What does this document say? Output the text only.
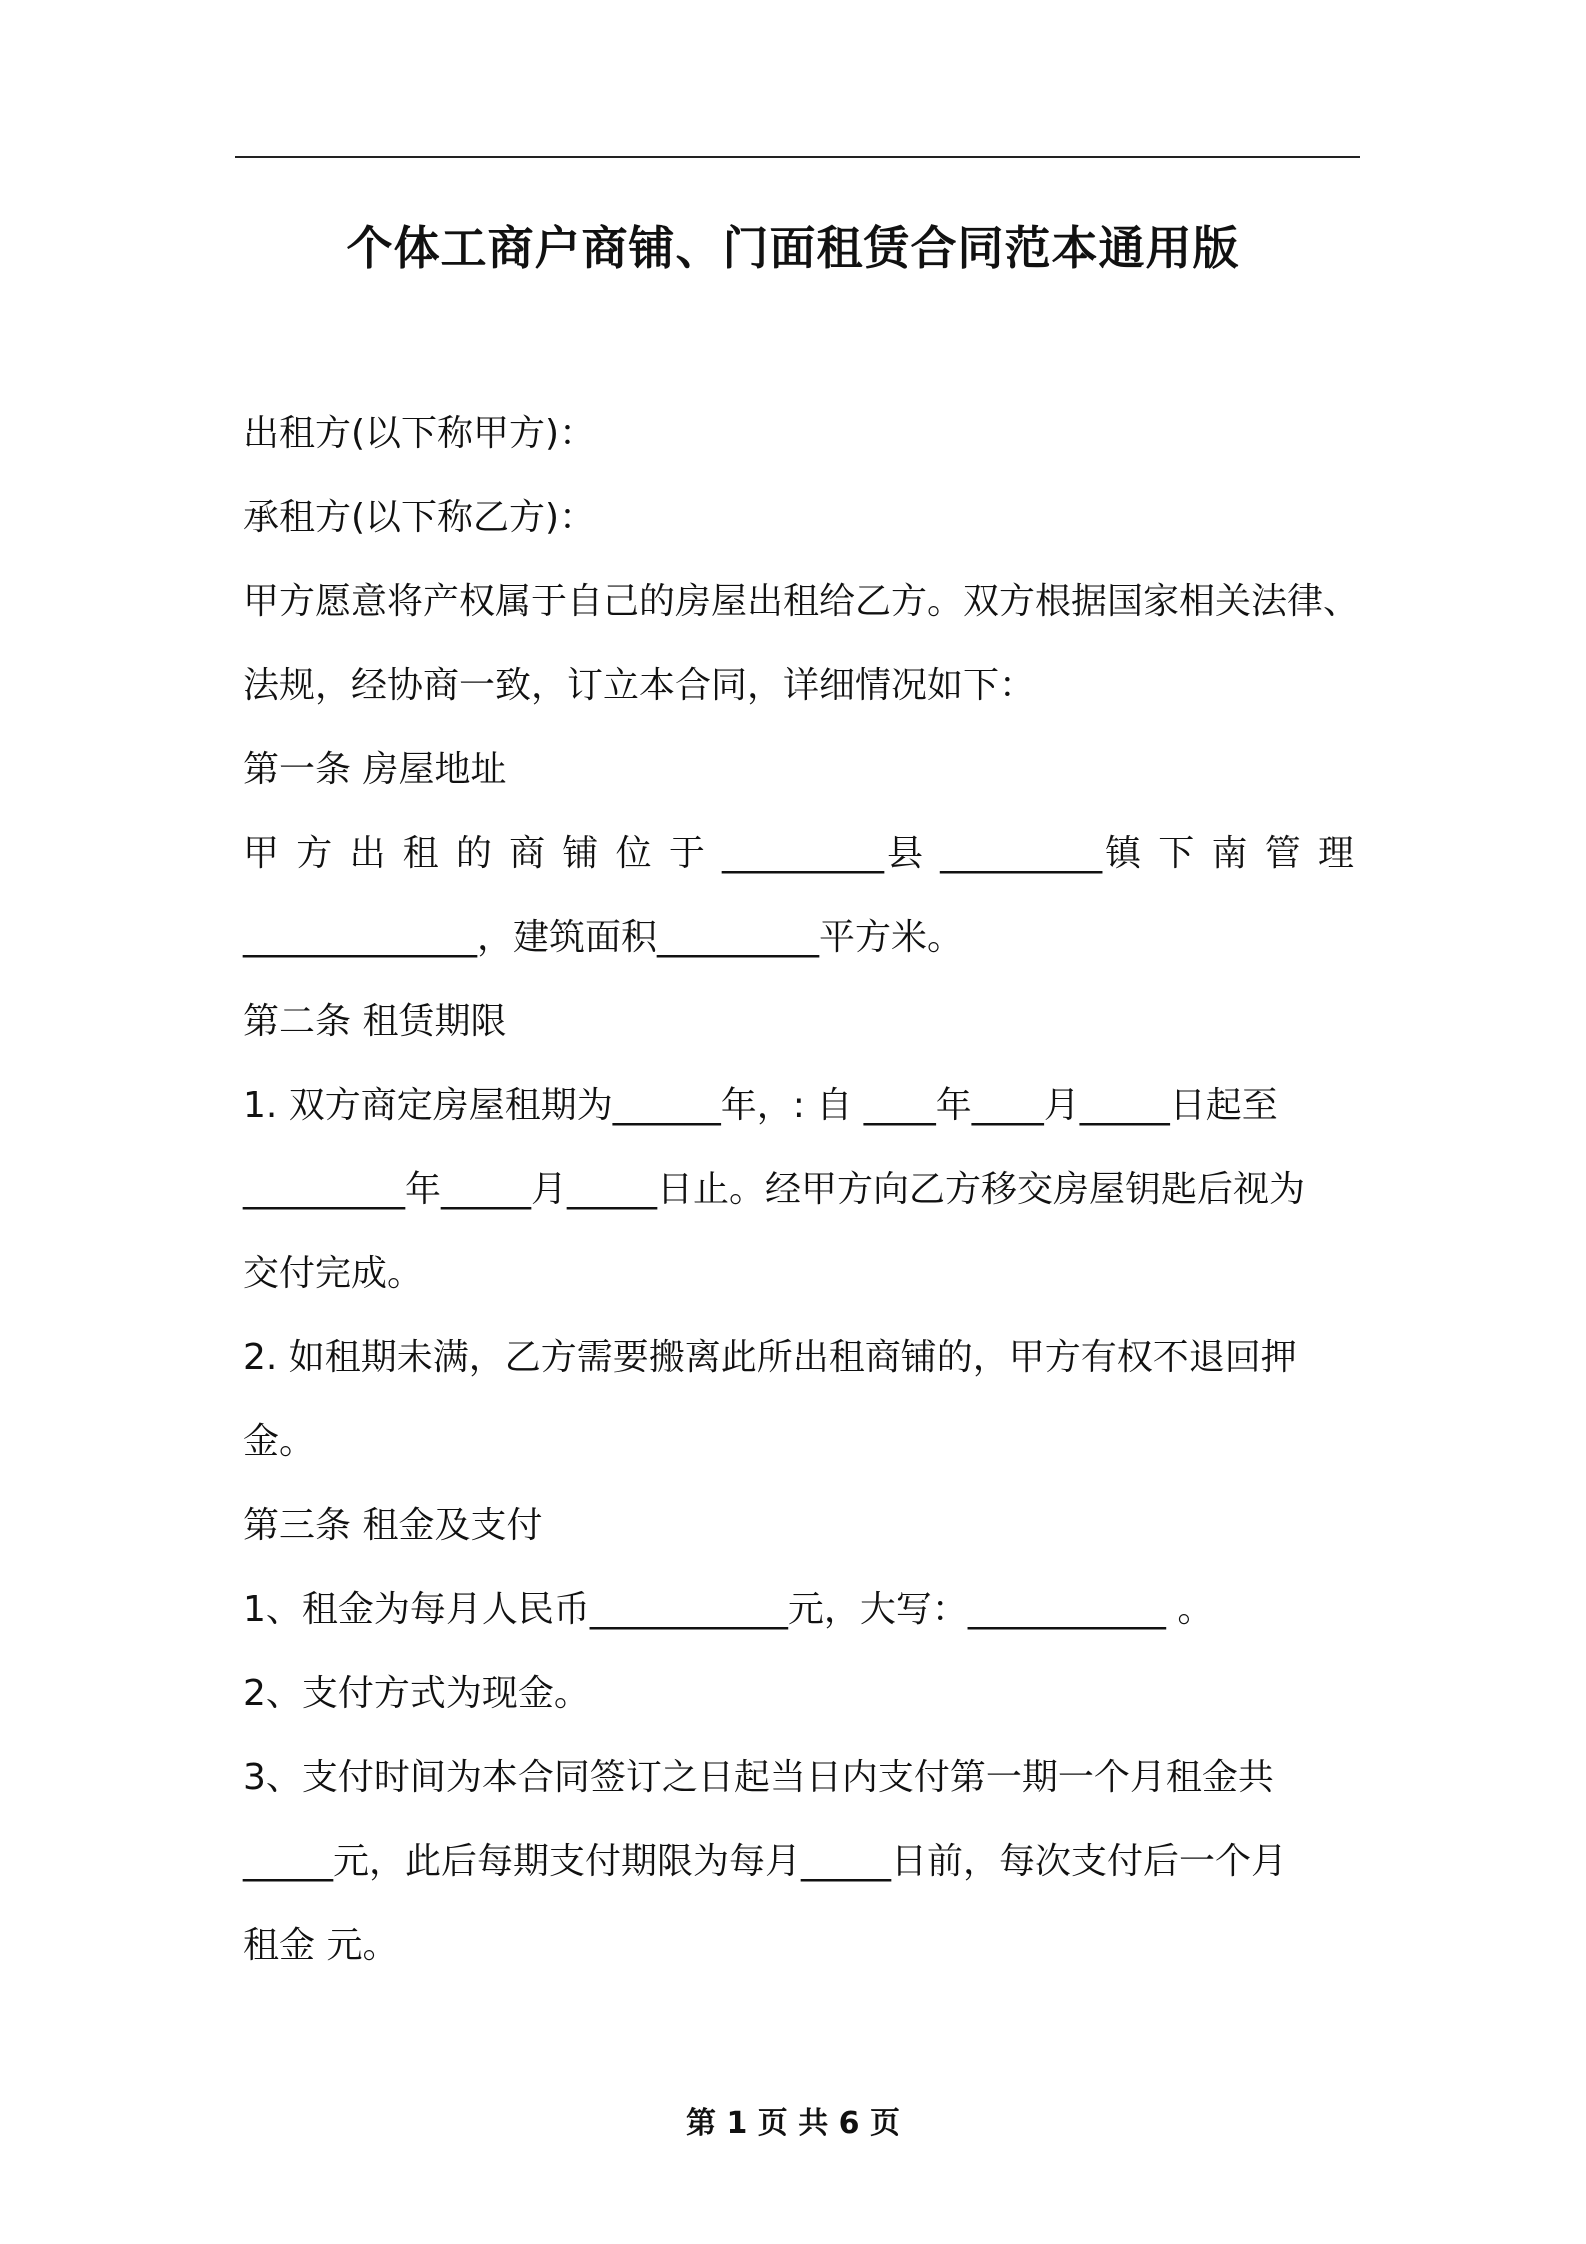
个体工商户商铺、门面租赁合同范本通用版
出租方(以下称甲方)：
承租方(以下称乙方)：
甲方愿意将产权属于自己的房屋出租给乙方。双方根据国家相关法律、
法规，经协商一致，订立本合同，详细情况如下：
第一条 房屋地址
甲 方 出 租 的 商 铺 位 于 _________县 _________镇 下 南 管 理
_____________，建筑面积_________平方米。
第二条 租赁期限
1. 双方商定房屋租期为______年，: 自 ____年____月_____日起至
_________年_____月_____日止。经甲方向乙方移交房屋钥匙后视为
交付完成。
2. 如租期未满，乙方需要搬离此所出租商铺的，甲方有权不退回押
金。
第三条 租金及支付
1、租金为每月人民币___________元，大写：___________ 。
2、支付方式为现金。
3、支付时间为本合同签订之日起当日内支付第一期一个月租金共
_____元，此后每期支付期限为每月_____日前，每次支付后一个月
租金 元。
第 1 页 共 6 页
